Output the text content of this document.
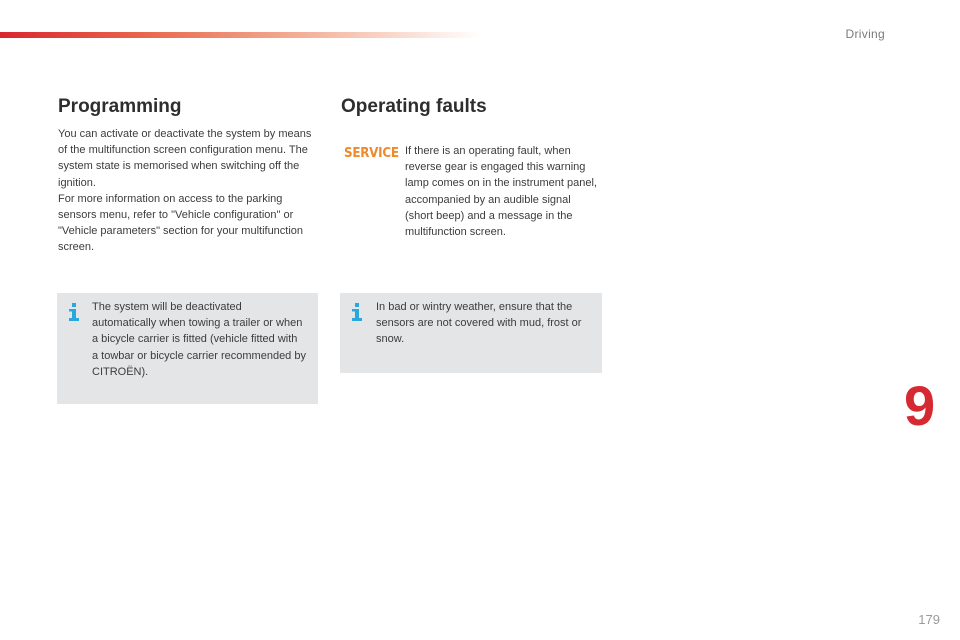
Driving
Programming

You can activate or deactivate the system by means of the multifunction screen configuration menu. The system state is memorised when switching off the ignition.

For more information on access to the parking sensors menu, refer to "Vehicle configuration" or "Vehicle parameters" section for your multifunction screen.

The system will be deactivated automatically when towing a trailer or when a bicycle carrier is fitted (vehicle fitted with a towbar or bicycle carrier recommended by CITROËN).
Operating faults
SERVICE If there is an operating fault, when reverse gear is engaged this warning lamp comes on in the instrument panel, accompanied by an audible signal (short beep) and a message in the multifunction screen.
In bad or wintry weather, ensure that the sensors are not covered with mud, frost or snow.
9
179
